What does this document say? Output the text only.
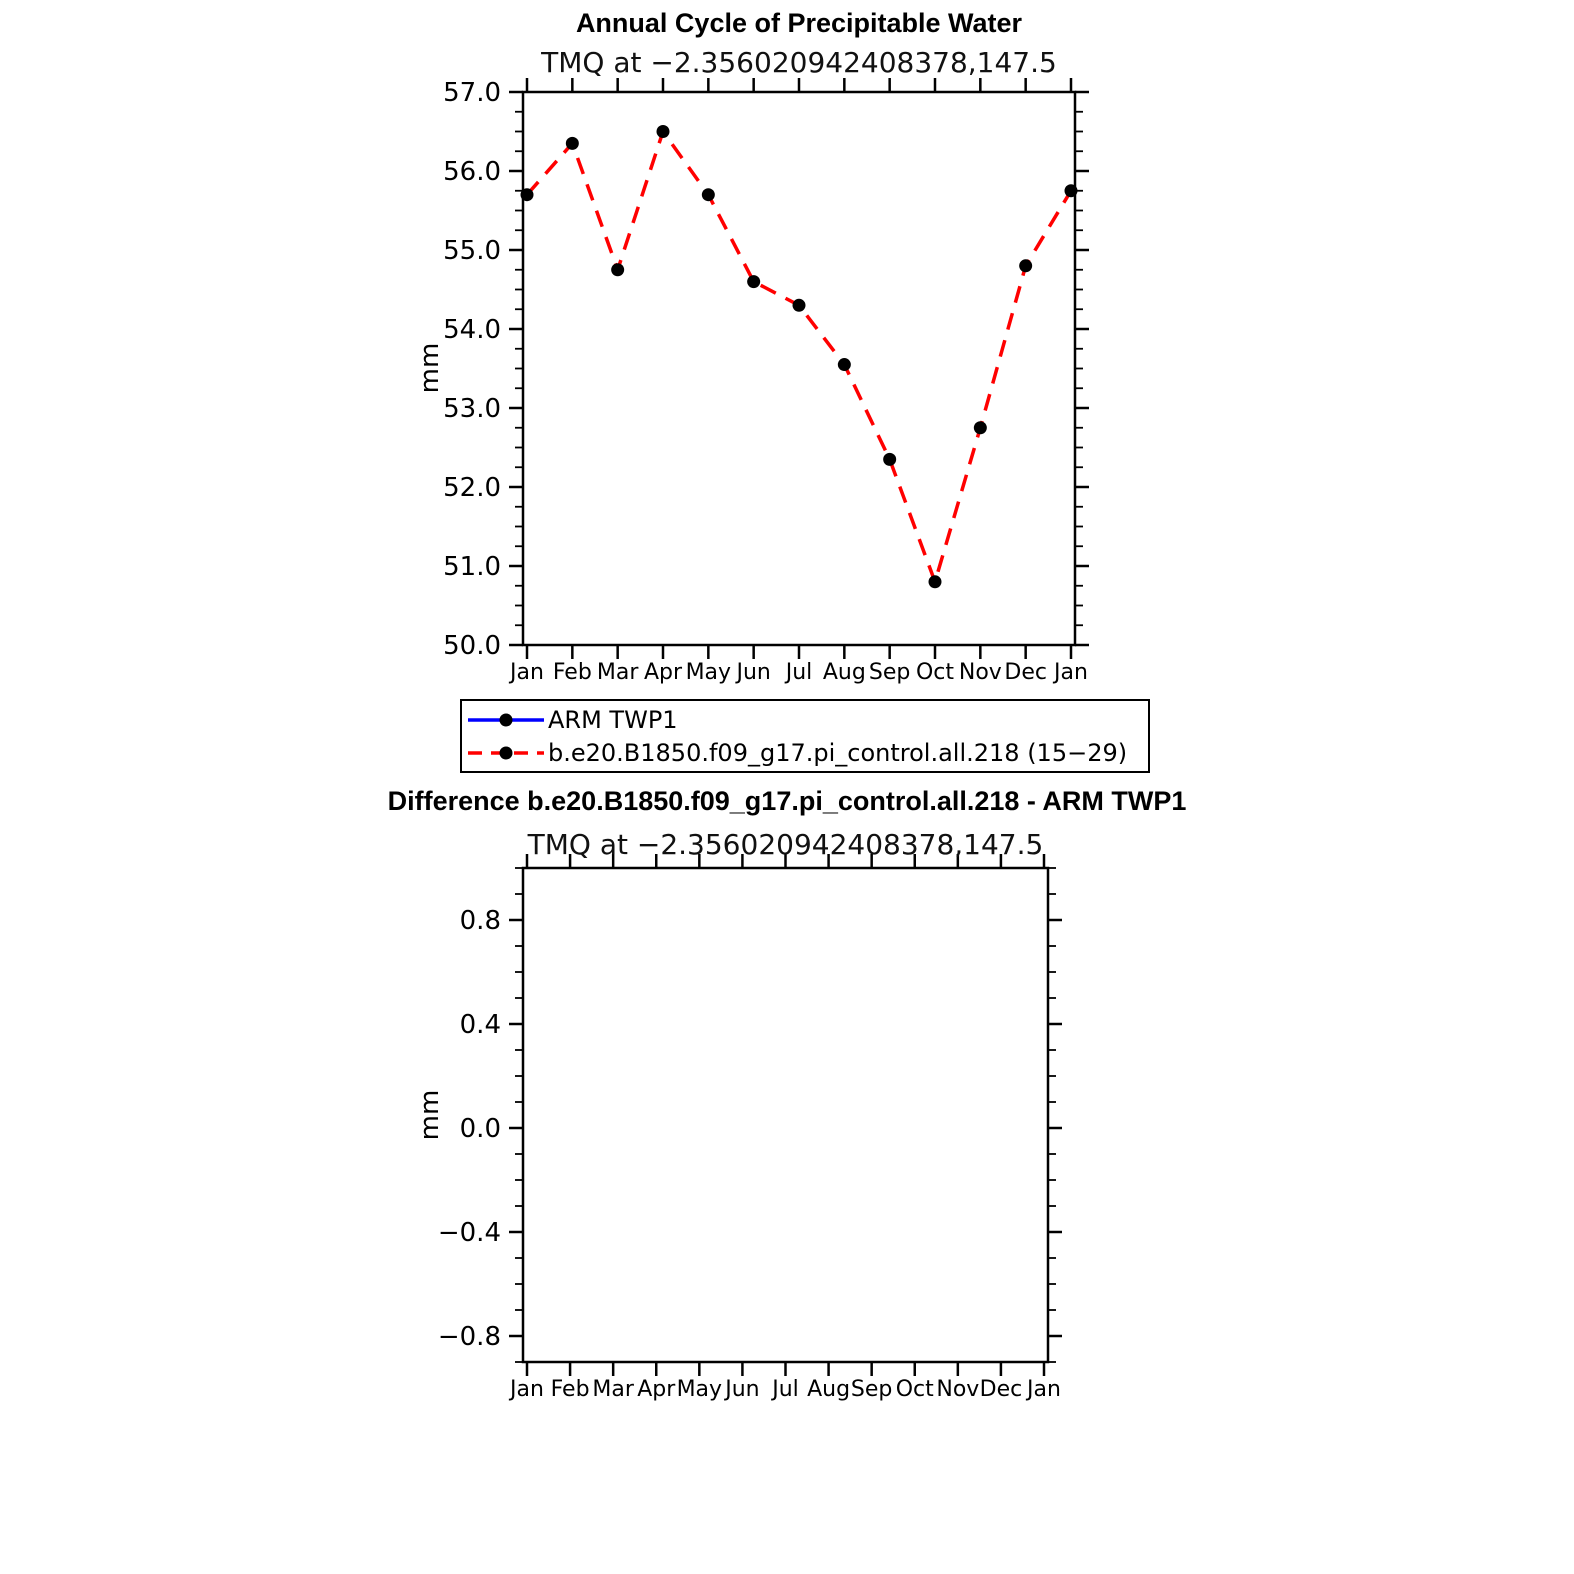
Annual Cycle of Precipitable Water
TMQ at −2.356020942408378,147.5
mm
50.0
51.0
52.0
53.0
54.0
55.0
56.0
57.0
Jan Feb Mar Apr May Jun Jul Aug Sep Oct Nov Dec Jan
−0.8
−0.4
0.0
0.4
0.8
Jan Feb Mar Apr May Jun Jul Aug Sep Oct Nov Dec Jan
ARM TWP1
b.e20.B1850.f09_g17.pi_control.all.218 (15−29)
Difference b.e20.B1850.f09_g17.pi_control.all.218 - ARM TWP1
TMQ at −2.356020942408378,147.5
mm
